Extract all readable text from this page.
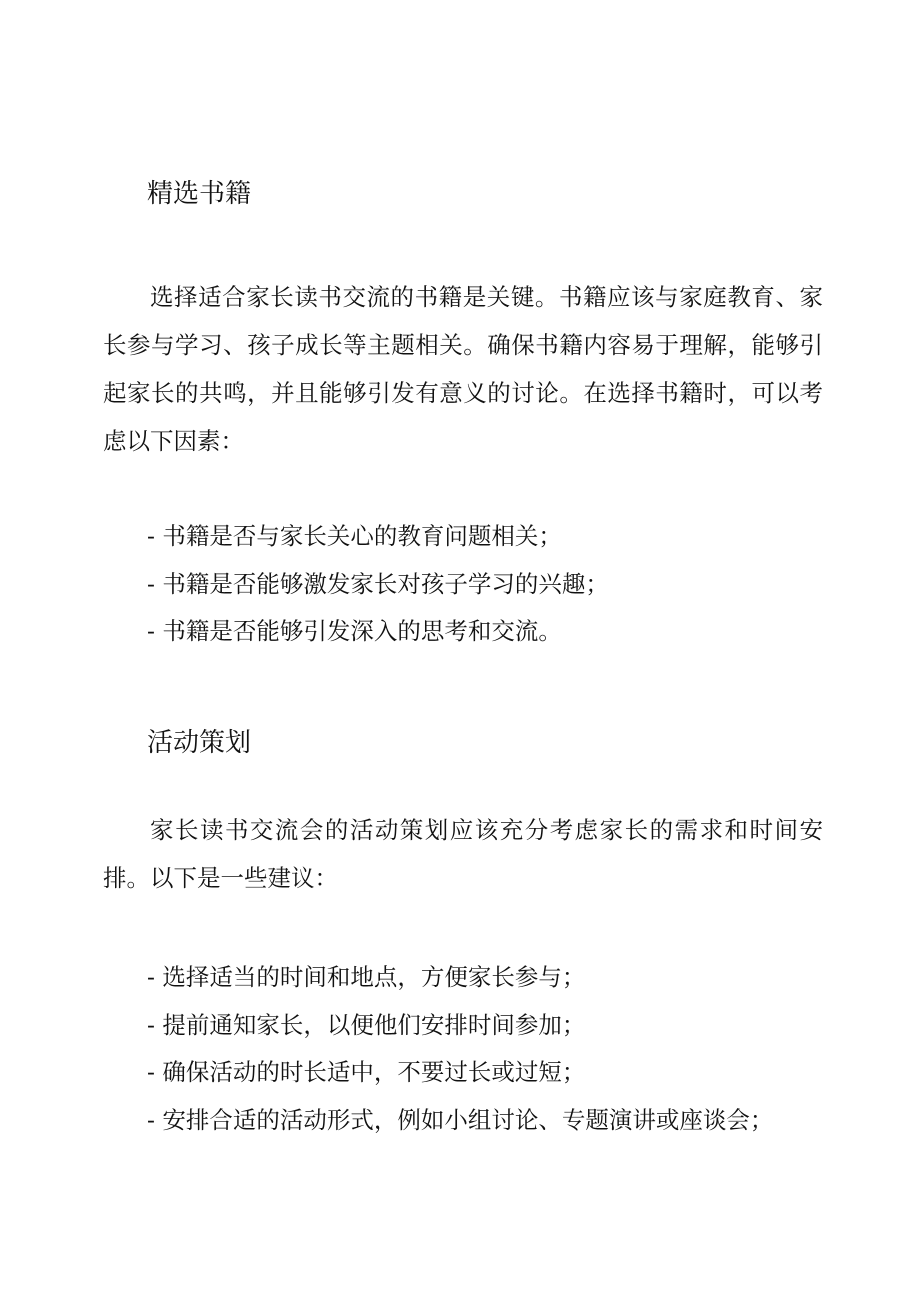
精选书籍

选择适合家长读书交流的书籍是关键。书籍应该与家庭教育、家长参与学习、孩子成长等主题相关。确保书籍内容易于理解，能够引起家长的共鸣，并且能够引发有意义的讨论。在选择书籍时，可以考虑以下因素：

- 书籍是否与家长关心的教育问题相关；
- 书籍是否能够激发家长对孩子学习的兴趣；
- 书籍是否能够引发深入的思考和交流。
活动策划

家长读书交流会的活动策划应该充分考虑家长的需求和时间安排。以下是一些建议：

- 选择适当的时间和地点，方便家长参与；
- 提前通知家长，以便他们安排时间参加；
- 确保活动的时长适中，不要过长或过短；
- 安排合适的活动形式，例如小组讨论、专题演讲或座谈会；
